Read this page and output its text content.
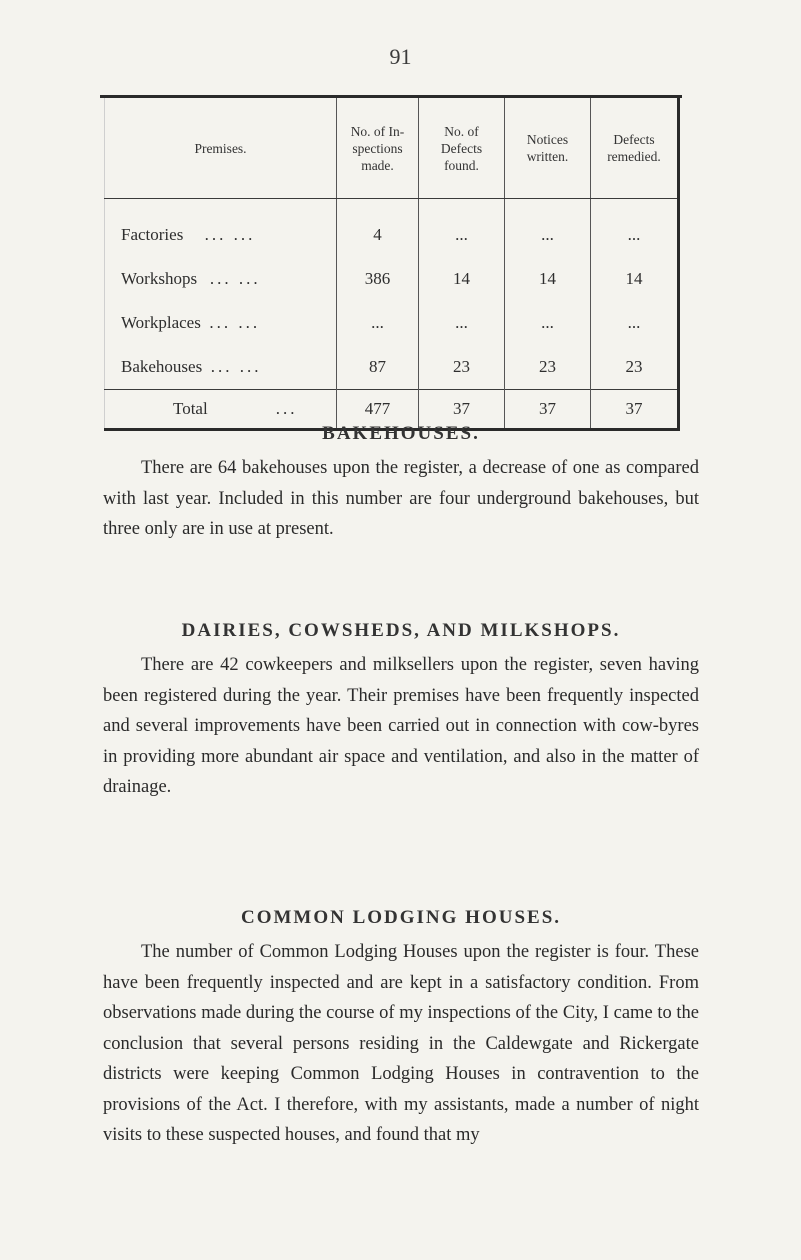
91
Premises.	No. of In-spections made.	No. of Defects found.	Notices written.	Defects remedied.
Factories ... ...	4	...	...	...
Workshops ... ...	386	14	14	14
Workplaces ... ...	...	...	...	...
Bakehouses ... ...	87	23	23	23
Total ...	477	37	37	37
BAKEHOUSES.

There are 64 bakehouses upon the register, a decrease of one as compared with last year. Included in this number are four underground bakehouses, but three only are in use at present.

DAIRIES, COWSHEDS, AND MILKSHOPS.

There are 42 cowkeepers and milksellers upon the register, seven having been registered during the year. Their premises have been frequently inspected and several improvements have been carried out in connection with cow-byres in providing more abundant air space and ventilation, and also in the matter of drainage.

COMMON LODGING HOUSES.

The number of Common Lodging Houses upon the register is four. These have been frequently inspected and are kept in a satisfactory condition. From observations made during the course of my inspections of the City, I came to the conclusion that several persons residing in the Caldewgate and Rickergate districts were keeping Common Lodging Houses in contravention to the provisions of the Act. I therefore, with my assistants, made a number of night visits to these suspected houses, and found that my
